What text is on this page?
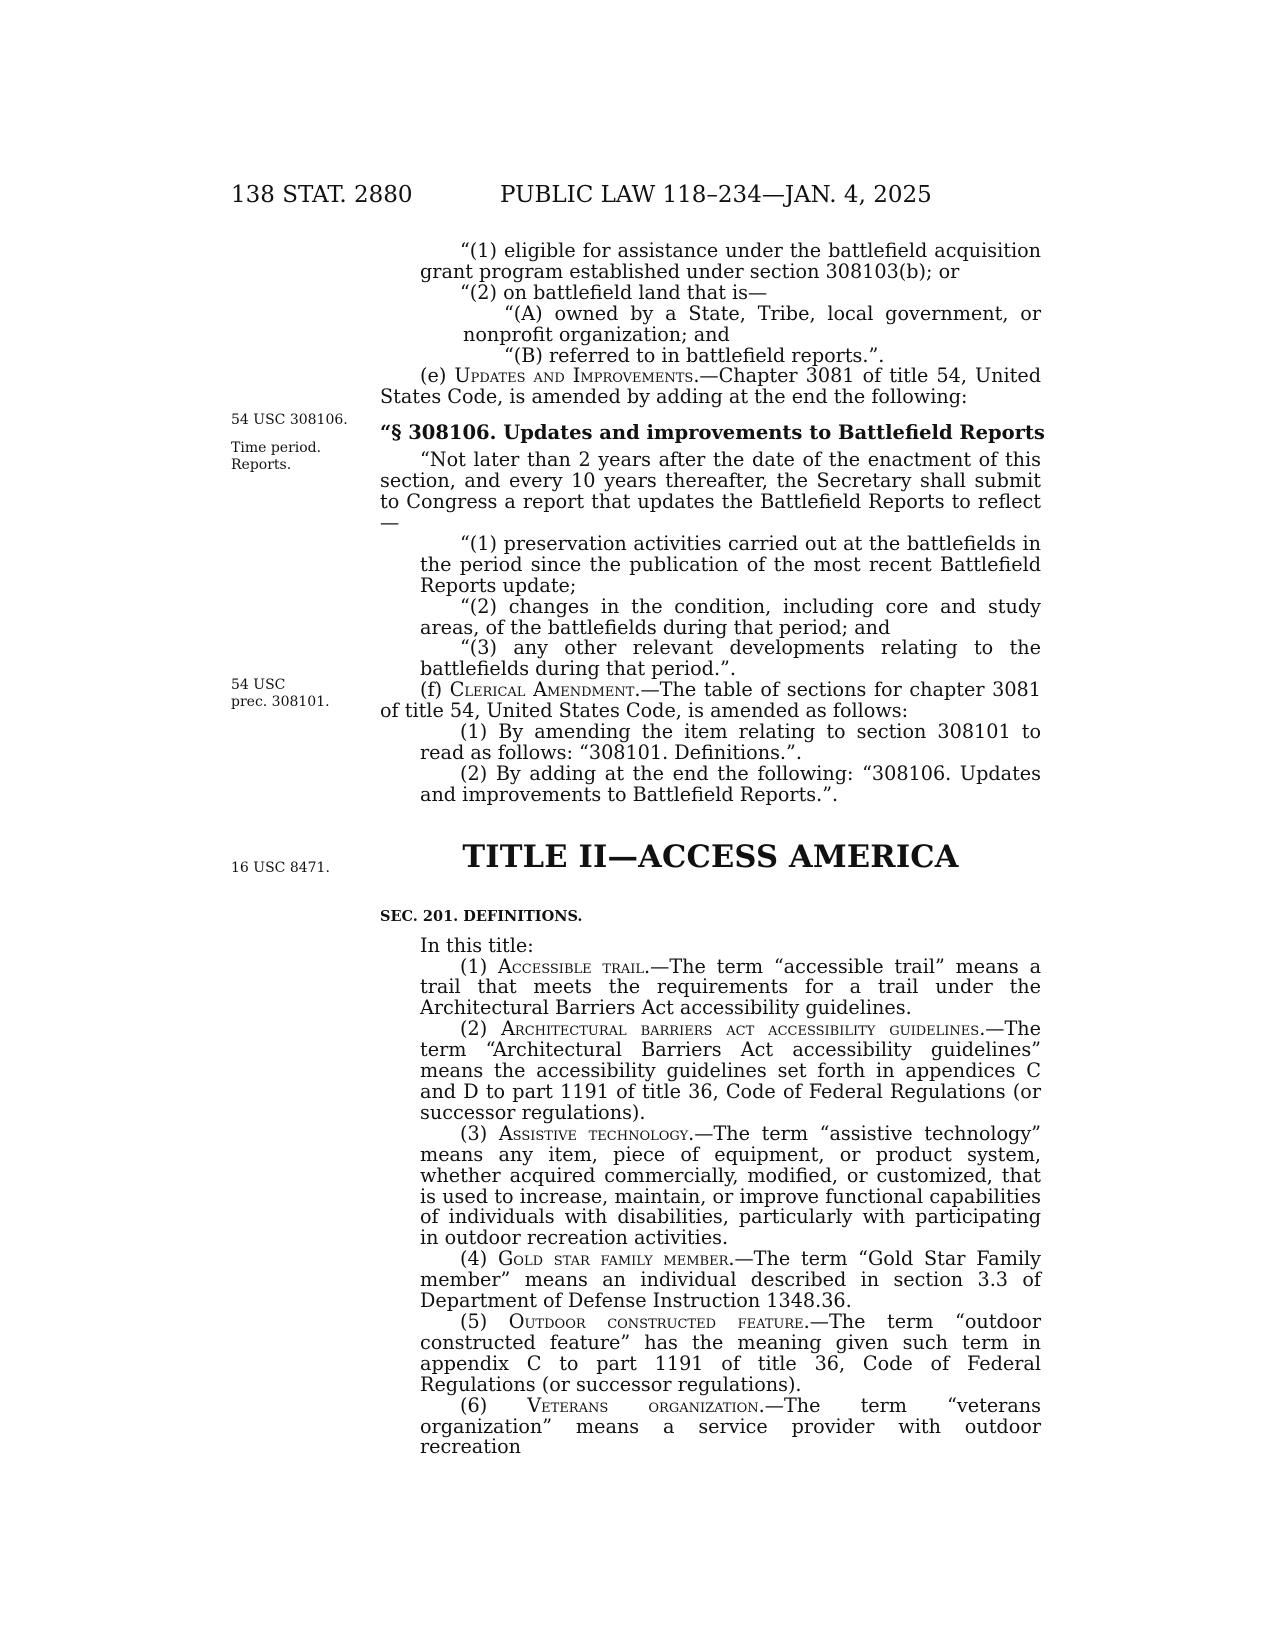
138 STAT. 2880	PUBLIC LAW 118–234—JAN. 4, 2025
54 USC 308106.
Time period.
Reports.
54 USC
prec. 308101.
16 USC 8471.

“(1) eligible for assistance under the battlefield acquisition grant program established under section 308103(b); or

“(2) on battlefield land that is—

“(A) owned by a State, Tribe, local government, or nonprofit organization; and

“(B) referred to in battlefield reports.”.

(e) Updates and Improvements.—Chapter 3081 of title 54, United States Code, is amended by adding at the end the following:

“§ 308106. Updates and improvements to Battlefield Reports

“Not later than 2 years after the date of the enactment of this section, and every 10 years thereafter, the Secretary shall submit to Congress a report that updates the Battlefield Reports to reflect—

“(1) preservation activities carried out at the battlefields in the period since the publication of the most recent Battlefield Reports update;

“(2) changes in the condition, including core and study areas, of the battlefields during that period; and

“(3) any other relevant developments relating to the battlefields during that period.”.

(f) Clerical Amendment.—The table of sections for chapter 3081 of title 54, United States Code, is amended as follows:

(1) By amending the item relating to section 308101 to read as follows: “308101. Definitions.”.

(2) By adding at the end the following: “308106. Updates and improvements to Battlefield Reports.”.

TITLE II—ACCESS AMERICA
SEC. 201. DEFINITIONS.

In this title:

(1) Accessible trail.—The term “accessible trail” means a trail that meets the requirements for a trail under the Architectural Barriers Act accessibility guidelines.

(2) Architectural barriers act accessibility guidelines.—The term “Architectural Barriers Act accessibility guidelines” means the accessibility guidelines set forth in appendices C and D to part 1191 of title 36, Code of Federal Regulations (or successor regulations).

(3) Assistive technology.—The term “assistive technology” means any item, piece of equipment, or product system, whether acquired commercially, modified, or customized, that is used to increase, maintain, or improve functional capabilities of individuals with disabilities, particularly with participating in outdoor recreation activities.

(4) Gold star family member.—The term “Gold Star Family member” means an individual described in section 3.3 of Department of Defense Instruction 1348.36.

(5) Outdoor constructed feature.—The term “outdoor constructed feature” has the meaning given such term in appendix C to part 1191 of title 36, Code of Federal Regulations (or successor regulations).

(6) Veterans organization.—The term “veterans organization” means a service provider with outdoor recreation
